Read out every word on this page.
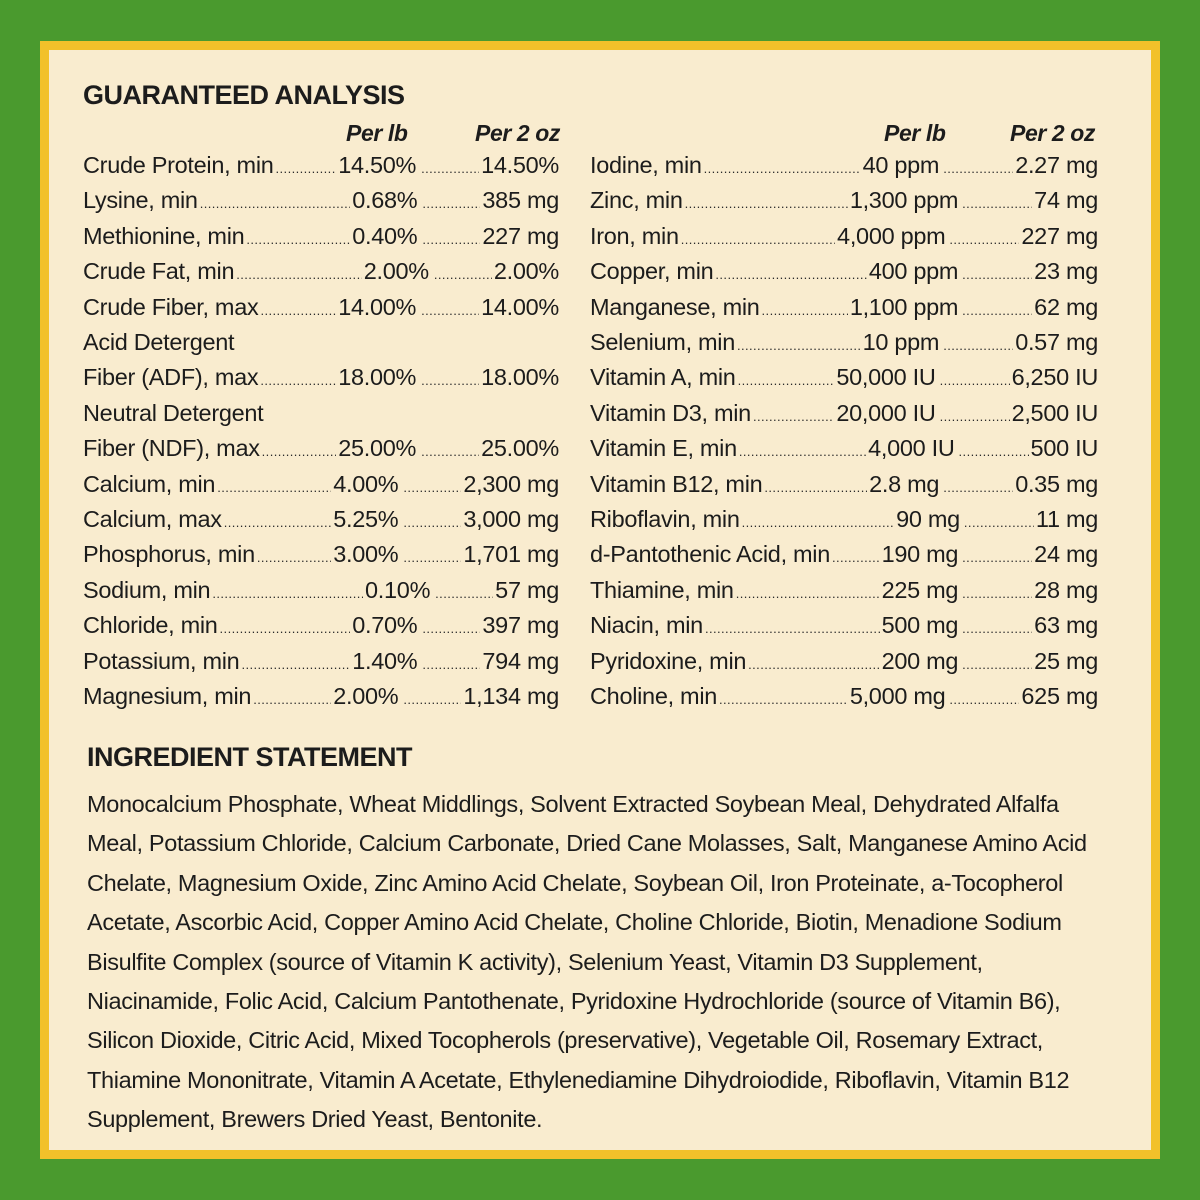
GUARANTEED ANALYSIS
Per lb	Per 2 oz	Per lb	Per 2 oz
Crude Protein, min .....	14.50% .....	14.50%
Lysine, min .....	0.68% .....	385 mg
Methionine, min .....	0.40% .....	227 mg
Crude Fat, min .....	2.00% .....	2.00%
Crude Fiber, max .....	14.00% .....	14.00%
Acid Detergent
Fiber (ADF), max .....	18.00% .....	18.00%
Neutral Detergent
Fiber (NDF), max .....	25.00% .....	25.00%
Calcium, min .....	4.00% .....	2,300 mg
Calcium, max .....	5.25% .....	3,000 mg
Phosphorus, min .....	3.00% .....	1,701 mg
Sodium, min .....	0.10% .....	57 mg
Chloride, min .....	0.70% .....	397 mg
Potassium, min .....	1.40% .....	794 mg
Magnesium, min .....	2.00% .....	1,134 mg
Iodine, min .....	40 ppm .....	2.27 mg
Zinc, min .....	1,300 ppm .....	74 mg
Iron, min .....	4,000 ppm .....	227 mg
Copper, min .....	400 ppm .....	23 mg
Manganese, min .....	1,100 ppm .....	62 mg
Selenium, min .....	10 ppm .....	0.57 mg
Vitamin A, min .....	50,000 IU .....	6,250 IU
Vitamin D3, min .....	20,000 IU .....	2,500 IU
Vitamin E, min .....	4,000 IU .....	500 IU
Vitamin B12, min .....	2.8 mg .....	0.35 mg
Riboflavin, min .....	90 mg .....	11 mg
d-Pantothenic Acid, min ..... 190 mg .....	24 mg
Thiamine, min .....	225 mg .....	28 mg
Niacin, min .....	500 mg .....	63 mg
Pyridoxine, min .....	200 mg .....	25 mg
Choline, min .....	5,000 mg .....	625 mg
INGREDIENT STATEMENT

Monocalcium Phosphate, Wheat Middlings, Solvent Extracted Soybean Meal, Dehydrated Alfalfa Meal, Potassium Chloride, Calcium Carbonate, Dried Cane Molasses, Salt, Manganese Amino Acid Chelate, Magnesium Oxide, Zinc Amino Acid Chelate, Soybean Oil, Iron Proteinate, a-Tocopherol Acetate, Ascorbic Acid, Copper Amino Acid Chelate, Choline Chloride, Biotin, Menadione Sodium Bisulfite Complex (source of Vitamin K activity), Selenium Yeast, Vitamin D3 Supplement, Niacinamide, Folic Acid, Calcium Pantothenate, Pyridoxine Hydrochloride (source of Vitamin B6), Silicon Dioxide, Citric Acid, Mixed Tocopherols (preservative), Vegetable Oil, Rosemary Extract, Thiamine Mononitrate, Vitamin A Acetate, Ethylenediamine Dihydroiodide, Riboflavin, Vitamin B12 Supplement, Brewers Dried Yeast, Bentonite.
